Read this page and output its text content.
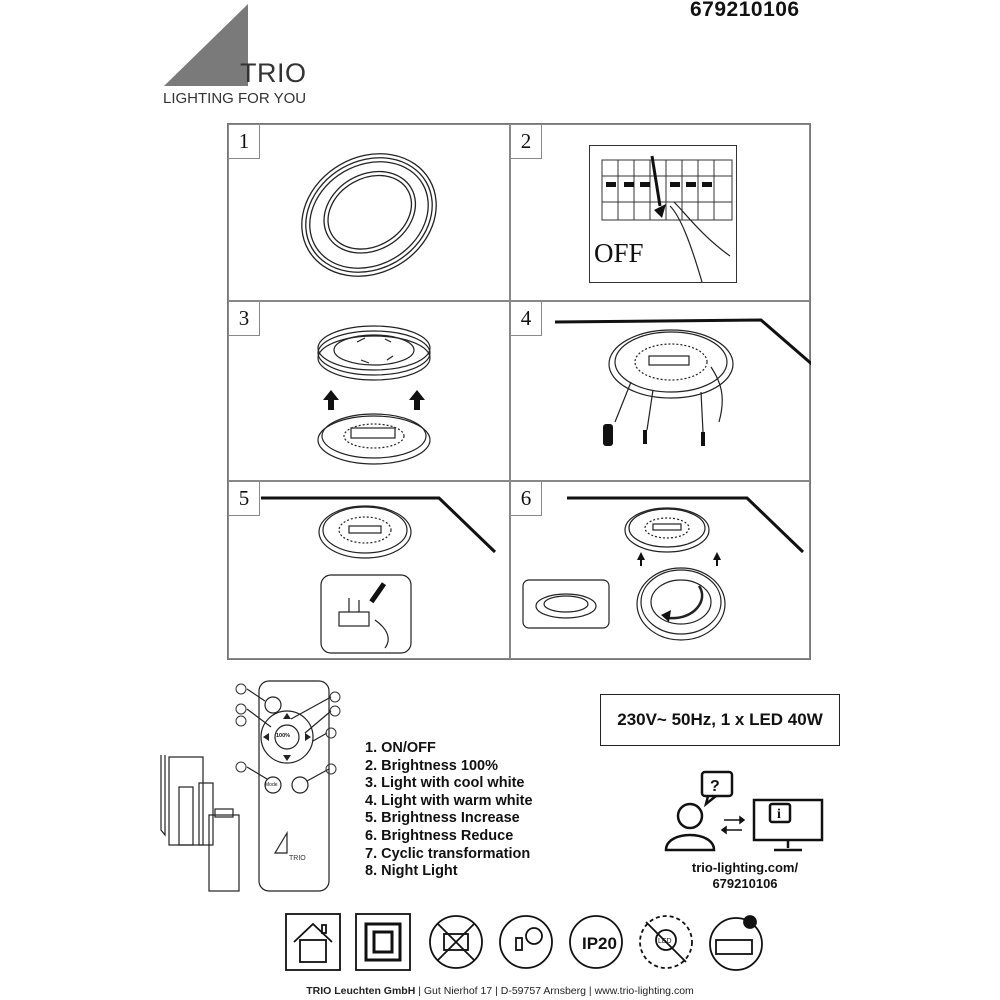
679210106
TRIO
LIGHTING FOR YOU
1	2
OFF
3	4
5	6
100%
Mode
TRIO
230V~ 50Hz, 1 x LED 40W
1. ON/OFF
2. Brightness 100%
3. Light with cool white
4. Light with warm white
5. Brightness Increase
6. Brightness Reduce
7. Cyclic transformation
8. Night Light
?
i
trio-lighting.com/
679210106
IP20	LED
TRIO Leuchten GmbH | Gut Nierhof 17 | D-59757 Arnsberg | www.trio-lighting.com
